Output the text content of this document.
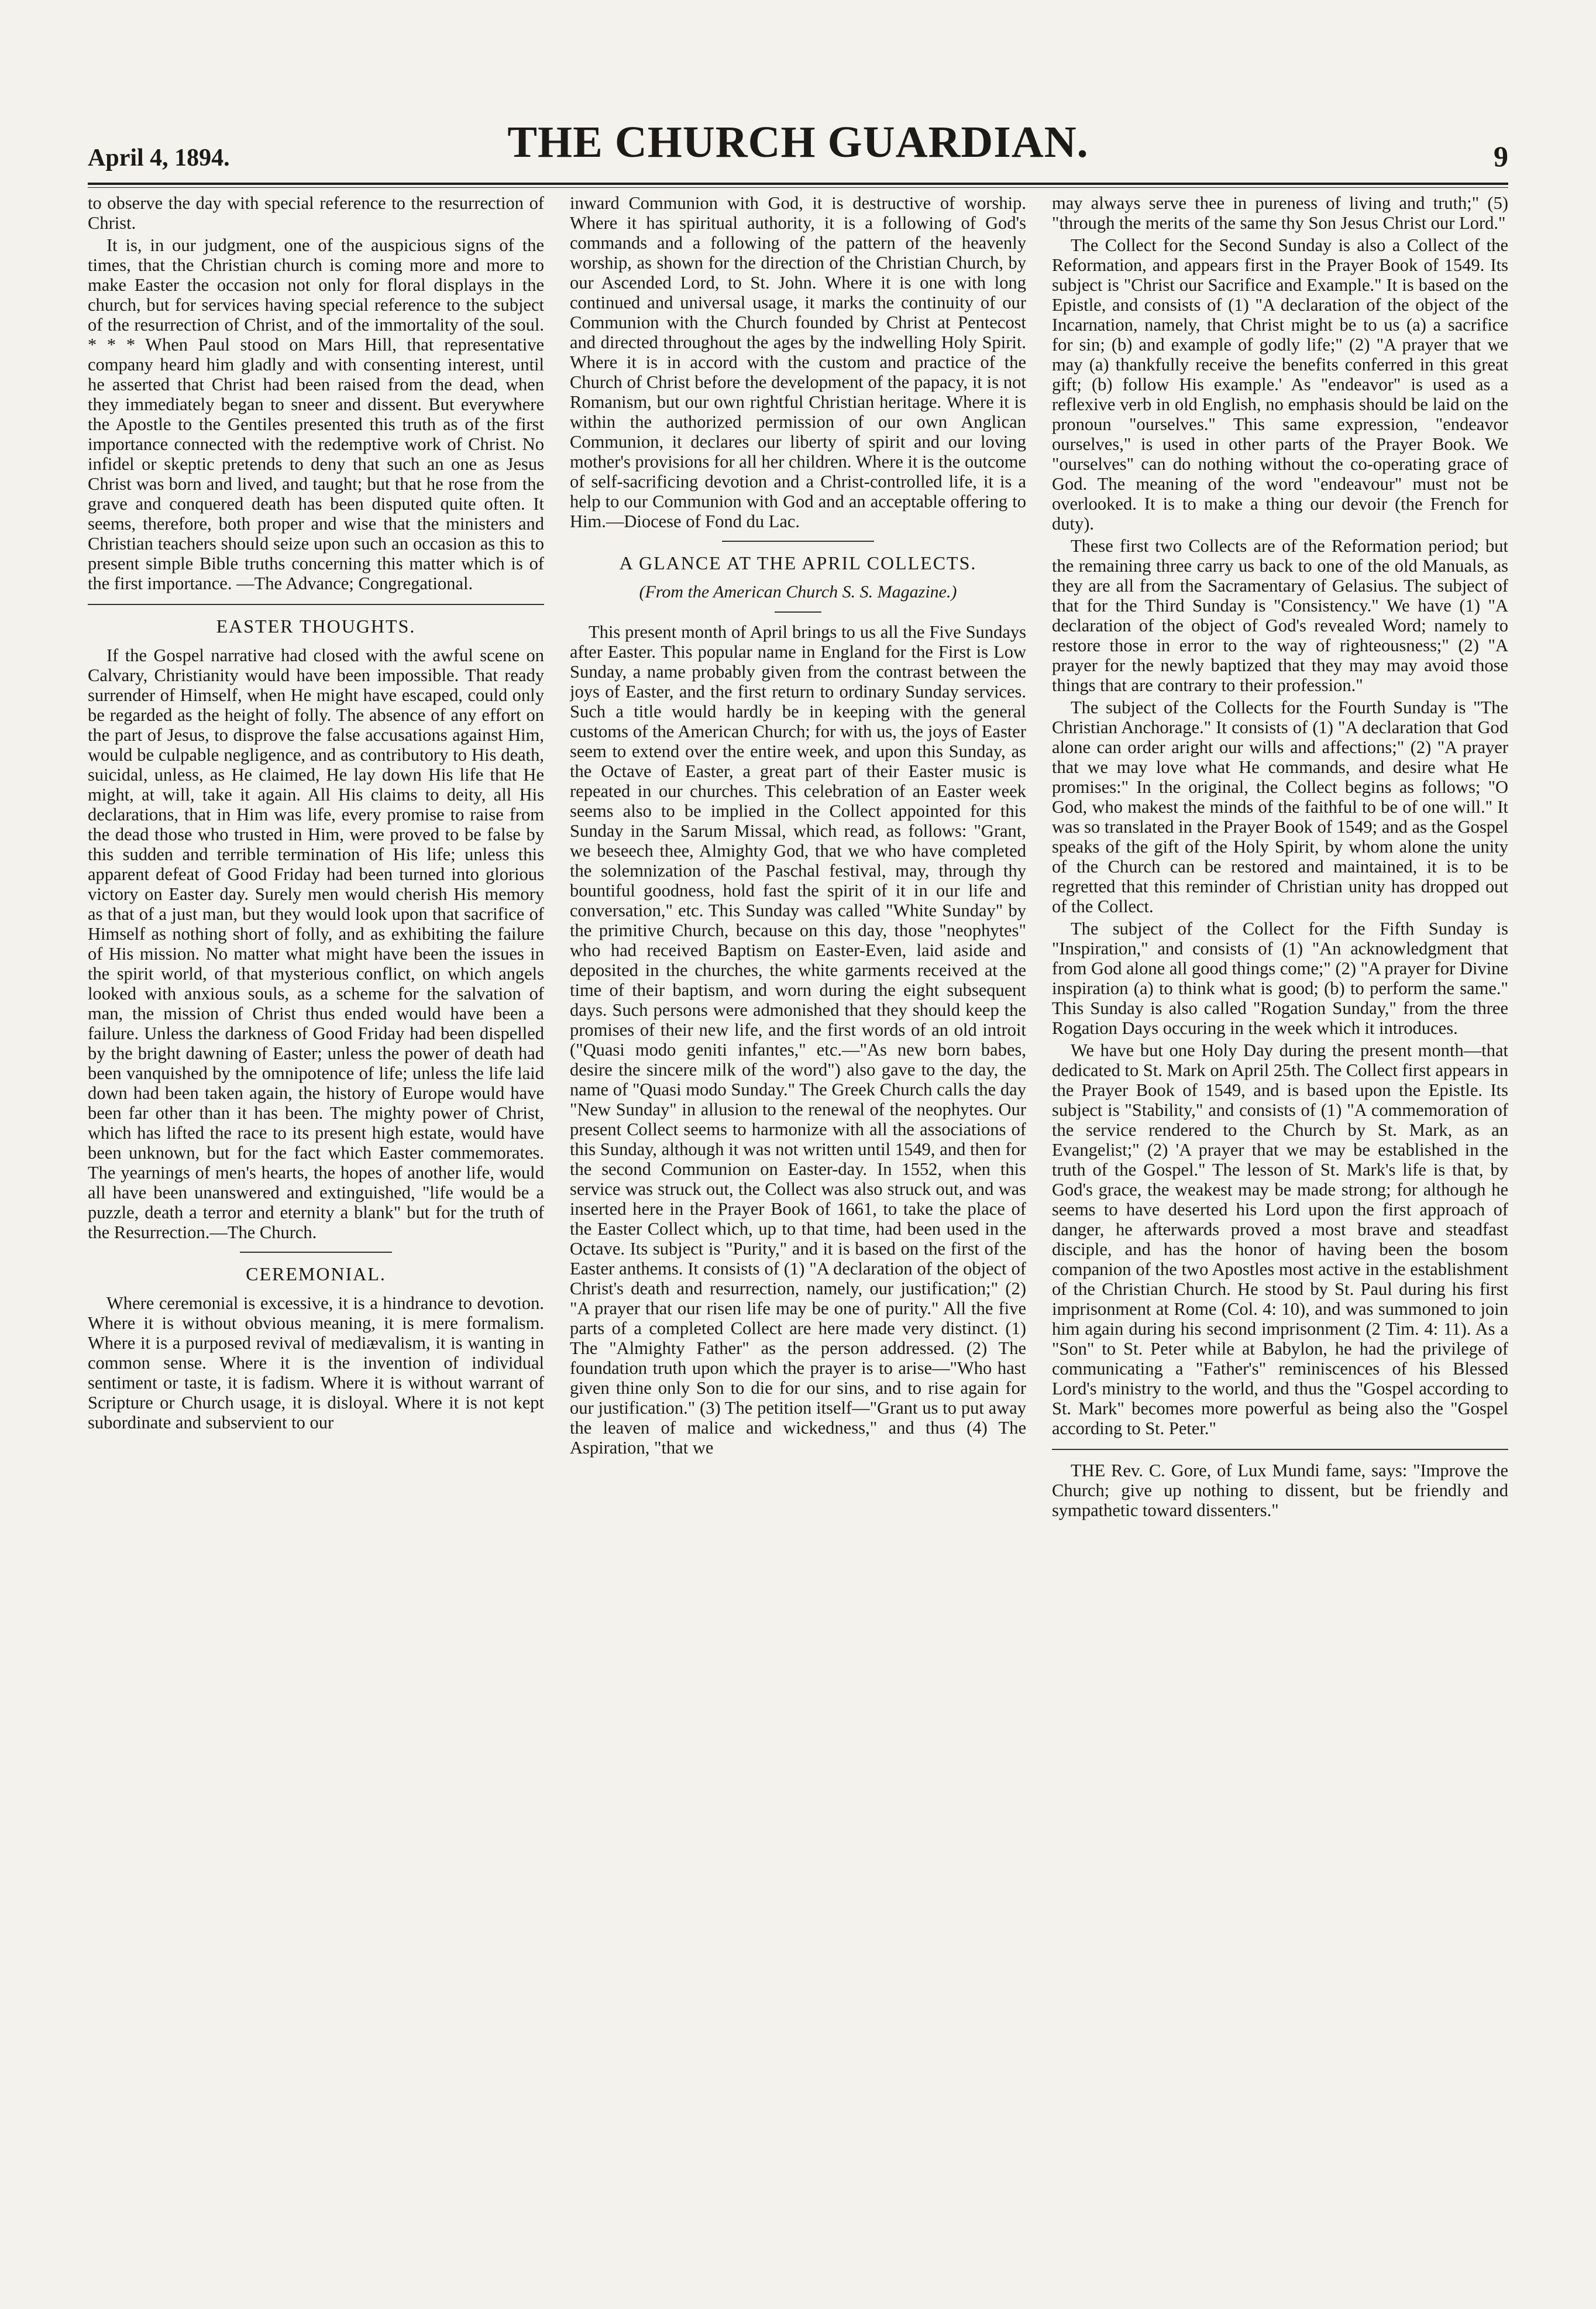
April 4, 1894.	THE CHURCH GUARDIAN.	9

to observe the day with special reference to the resurrection of Christ.

It is, in our judgment, one of the auspicious signs of the times, that the Christian church is coming more and more to make Easter the occasion not only for floral displays in the church, but for services having special reference to the subject of the resurrection of Christ, and of the immortality of the soul. * * * When Paul stood on Mars Hill, that representative company heard him gladly and with consenting interest, until he asserted that Christ had been raised from the dead, when they immediately began to sneer and dissent. But everywhere the Apostle to the Gentiles presented this truth as of the first importance connected with the redemptive work of Christ. No infidel or skeptic pretends to deny that such an one as Jesus Christ was born and lived, and taught; but that he rose from the grave and conquered death has been disputed quite often. It seems, therefore, both proper and wise that the ministers and Christian teachers should seize upon such an occasion as this to present simple Bible truths concerning this matter which is of the first importance. —The Advance; Congregational.

EASTER THOUGHTS.

If the Gospel narrative had closed with the awful scene on Calvary, Christianity would have been impossible. That ready surrender of Himself, when He might have escaped, could only be regarded as the height of folly. The absence of any effort on the part of Jesus, to disprove the false accusations against Him, would be culpable negligence, and as contributory to His death, suicidal, unless, as He claimed, He lay down His life that He might, at will, take it again. All His claims to deity, all His declarations, that in Him was life, every promise to raise from the dead those who trusted in Him, were proved to be false by this sudden and terrible termination of His life; unless this apparent defeat of Good Friday had been turned into glorious victory on Easter day. Surely men would cherish His memory as that of a just man, but they would look upon that sacrifice of Himself as nothing short of folly, and as exhibiting the failure of His mission. No matter what might have been the issues in the spirit world, of that mysterious conflict, on which angels looked with anxious souls, as a scheme for the salvation of man, the mission of Christ thus ended would have been a failure. Unless the darkness of Good Friday had been dispelled by the bright dawning of Easter; unless the power of death had been vanquished by the omnipotence of life; unless the life laid down had been taken again, the history of Europe would have been far other than it has been. The mighty power of Christ, which has lifted the race to its present high estate, would have been unknown, but for the fact which Easter commemorates. The yearnings of men's hearts, the hopes of another life, would all have been unanswered and extinguished, "life would be a puzzle, death a terror and eternity a blank" but for the truth of the Resurrection.—The Church.

CEREMONIAL.

Where ceremonial is excessive, it is a hindrance to devotion. Where it is without obvious meaning, it is mere formalism. Where it is a purposed revival of mediævalism, it is wanting in common sense. Where it is the invention of individual sentiment or taste, it is fadism. Where it is without warrant of Scripture or Church usage, it is disloyal. Where it is not kept subordinate and subservient to our

inward Communion with God, it is destructive of worship. Where it has spiritual authority, it is a following of God's commands and a following of the pattern of the heavenly worship, as shown for the direction of the Christian Church, by our Ascended Lord, to St. John. Where it is one with long continued and universal usage, it marks the continuity of our Communion with the Church founded by Christ at Pentecost and directed throughout the ages by the indwelling Holy Spirit. Where it is in accord with the custom and practice of the Church of Christ before the development of the papacy, it is not Romanism, but our own rightful Christian heritage. Where it is within the authorized permission of our own Anglican Communion, it declares our liberty of spirit and our loving mother's provisions for all her children. Where it is the outcome of self-sacrificing devotion and a Christ-controlled life, it is a help to our Communion with God and an acceptable offering to Him.—Diocese of Fond du Lac.

A GLANCE AT THE APRIL COLLECTS.
(From the American Church S. S. Magazine.)

This present month of April brings to us all the Five Sundays after Easter. This popular name in England for the First is Low Sunday, a name probably given from the contrast between the joys of Easter, and the first return to ordinary Sunday services. Such a title would hardly be in keeping with the general customs of the American Church; for with us, the joys of Easter seem to extend over the entire week, and upon this Sunday, as the Octave of Easter, a great part of their Easter music is repeated in our churches. This celebration of an Easter week seems also to be implied in the Collect appointed for this Sunday in the Sarum Missal, which read, as follows: "Grant, we beseech thee, Almighty God, that we who have completed the solemnization of the Paschal festival, may, through thy bountiful goodness, hold fast the spirit of it in our life and conversation," etc. This Sunday was called "White Sunday" by the primitive Church, because on this day, those "neophytes" who had received Baptism on Easter-Even, laid aside and deposited in the churches, the white garments received at the time of their baptism, and worn during the eight subsequent days. Such persons were admonished that they should keep the promises of their new life, and the first words of an old introit ("Quasi modo geniti infantes," etc.—"As new born babes, desire the sincere milk of the word") also gave to the day, the name of "Quasi modo Sunday." The Greek Church calls the day "New Sunday" in allusion to the renewal of the neophytes. Our present Collect seems to harmonize with all the associations of this Sunday, although it was not written until 1549, and then for the second Communion on Easter-day. In 1552, when this service was struck out, the Collect was also struck out, and was inserted here in the Prayer Book of 1661, to take the place of the Easter Collect which, up to that time, had been used in the Octave. Its subject is "Purity," and it is based on the first of the Easter anthems. It consists of (1) "A declaration of the object of Christ's death and resurrection, namely, our justification;" (2) "A prayer that our risen life may be one of purity." All the five parts of a completed Collect are here made very distinct. (1) The "Almighty Father" as the person addressed. (2) The foundation truth upon which the prayer is to arise—"Who hast given thine only Son to die for our sins, and to rise again for our justification." (3) The petition itself—"Grant us to put away the leaven of malice and wickedness," and thus (4) The Aspiration, "that we

may always serve thee in pureness of living and truth;" (5) "through the merits of the same thy Son Jesus Christ our Lord."

The Collect for the Second Sunday is also a Collect of the Reformation, and appears first in the Prayer Book of 1549. Its subject is "Christ our Sacrifice and Example." It is based on the Epistle, and consists of (1) "A declaration of the object of the Incarnation, namely, that Christ might be to us (a) a sacrifice for sin; (b) and example of godly life;" (2) "A prayer that we may (a) thankfully receive the benefits conferred in this great gift; (b) follow His example.' As "endeavor" is used as a reflexive verb in old English, no emphasis should be laid on the pronoun "ourselves." This same expression, "endeavor ourselves," is used in other parts of the Prayer Book. We "ourselves" can do nothing without the co-operating grace of God. The meaning of the word "endeavour" must not be overlooked. It is to make a thing our devoir (the French for duty).

These first two Collects are of the Reformation period; but the remaining three carry us back to one of the old Manuals, as they are all from the Sacramentary of Gelasius. The subject of that for the Third Sunday is "Consistency." We have (1) "A declaration of the object of God's revealed Word; namely to restore those in error to the way of righteousness;" (2) "A prayer for the newly baptized that they may may avoid those things that are contrary to their profession."

The subject of the Collects for the Fourth Sunday is "The Christian Anchorage." It consists of (1) "A declaration that God alone can order aright our wills and affections;" (2) "A prayer that we may love what He commands, and desire what He promises:" In the original, the Collect begins as follows; "O God, who makest the minds of the faithful to be of one will." It was so translated in the Prayer Book of 1549; and as the Gospel speaks of the gift of the Holy Spirit, by whom alone the unity of the Church can be restored and maintained, it is to be regretted that this reminder of Christian unity has dropped out of the Collect.

The subject of the Collect for the Fifth Sunday is "Inspiration," and consists of (1) "An acknowledgment that from God alone all good things come;" (2) "A prayer for Divine inspiration (a) to think what is good; (b) to perform the same." This Sunday is also called "Rogation Sunday," from the three Rogation Days occuring in the week which it introduces.

We have but one Holy Day during the present month—that dedicated to St. Mark on April 25th. The Collect first appears in the Prayer Book of 1549, and is based upon the Epistle. Its subject is "Stability," and consists of (1) "A commemoration of the service rendered to the Church by St. Mark, as an Evangelist;" (2) 'A prayer that we may be established in the truth of the Gospel." The lesson of St. Mark's life is that, by God's grace, the weakest may be made strong; for although he seems to have deserted his Lord upon the first approach of danger, he afterwards proved a most brave and steadfast disciple, and has the honor of having been the bosom companion of the two Apostles most active in the establishment of the Christian Church. He stood by St. Paul during his first imprisonment at Rome (Col. 4: 10), and was summoned to join him again during his second imprisonment (2 Tim. 4: 11). As a "Son" to St. Peter while at Babylon, he had the privilege of communicating a "Father's" reminiscences of his Blessed Lord's ministry to the world, and thus the "Gospel according to St. Mark" becomes more powerful as being also the "Gospel according to St. Peter."

THE Rev. C. Gore, of Lux Mundi fame, says: "Improve the Church; give up nothing to dissent, but be friendly and sympathetic toward dissenters."
